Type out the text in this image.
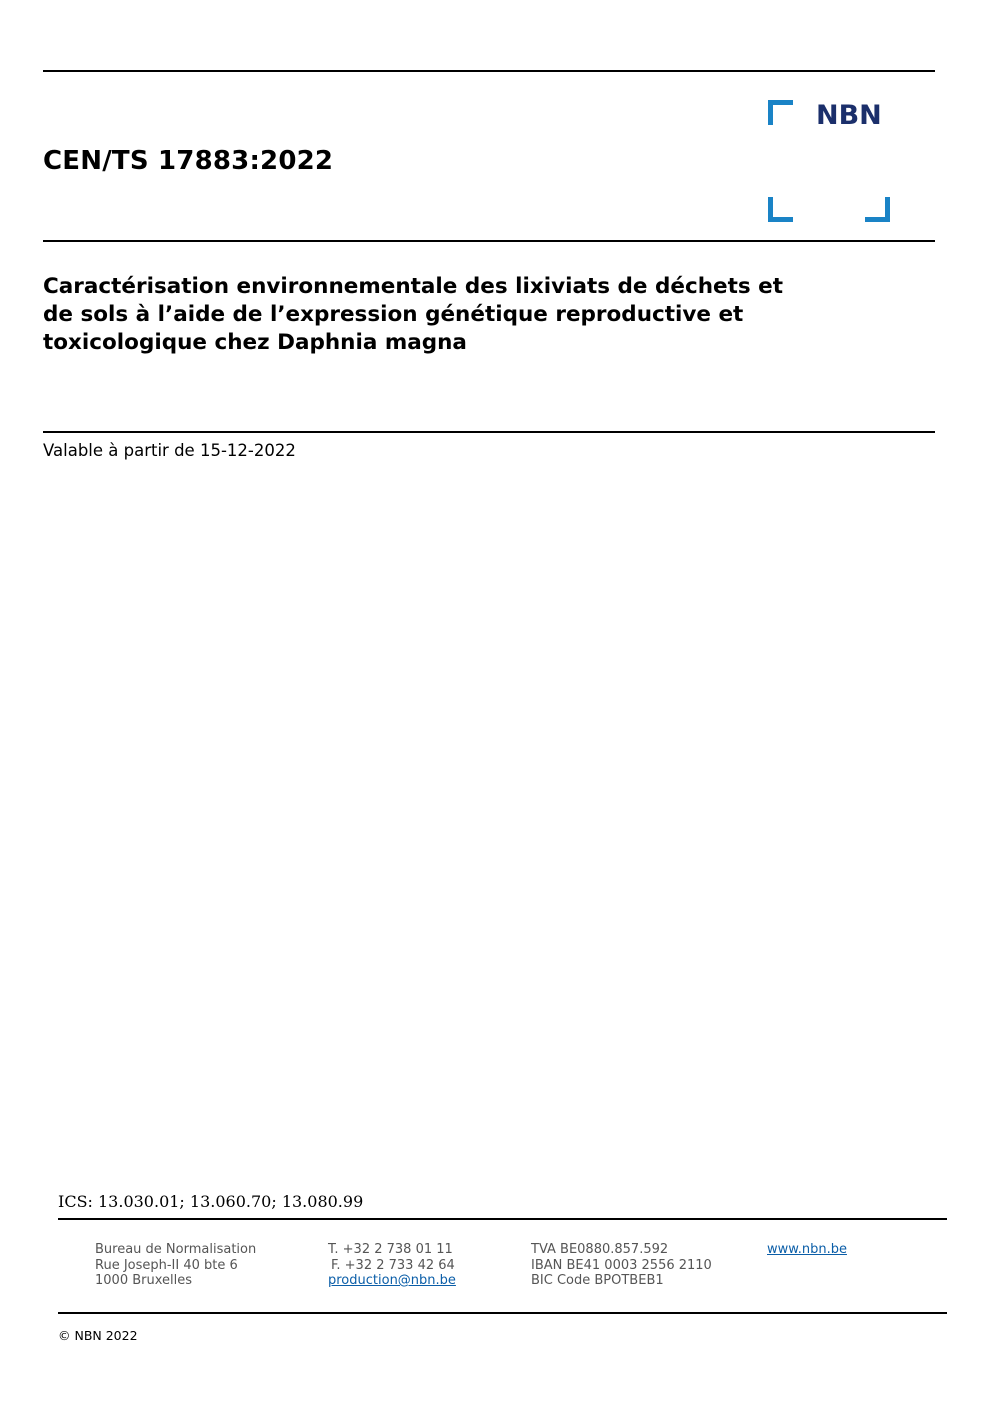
CEN/TS 17883:2022
NBN
Caractérisation environnementale des lixiviats de déchets et
de sols à l’aide de l’expression génétique reproductive et
toxicologique chez Daphnia magna
Valable à partir de 15-12-2022
ICS: 13.030.01; 13.060.70; 13.080.99
Bureau de Normalisation
Rue Joseph-II 40 bte 6
1000 Bruxelles
T. +32 2 738 01 11
F. +32 2 733 42 64
production@nbn.be
TVA BE0880.857.592
IBAN BE41 0003 2556 2110
BIC Code BPOTBEB1
www.nbn.be
© NBN 2022
